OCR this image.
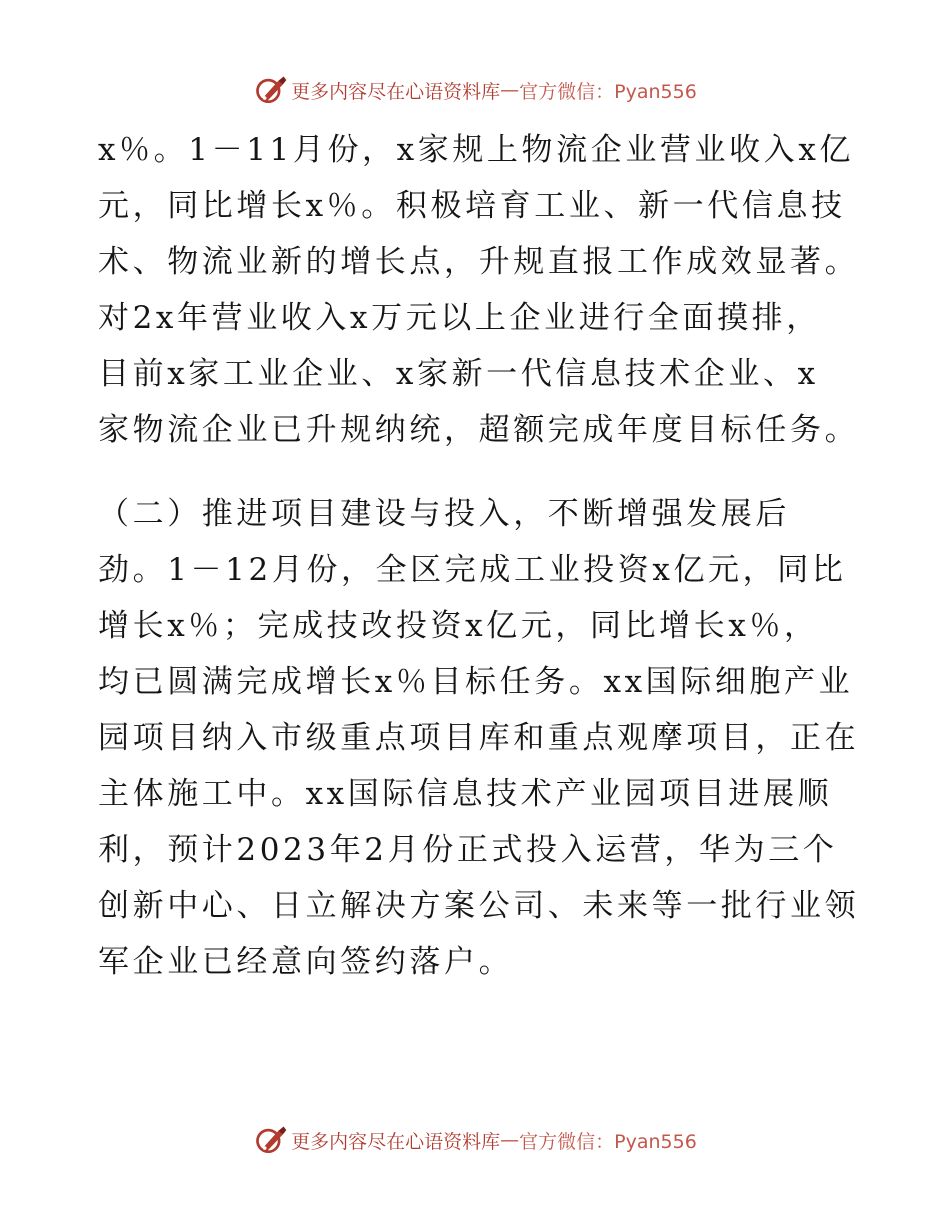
更多内容尽在心语资料库 — 官方微信：Pyan556
x％。1－11月份，x家规上物流企业营业收入x亿
元，同比增长x％。积极培育工业、新一代信息技
术、物流业新的增长点，升规直报工作成效显著。
对2x年营业收入x万元以上企业进行全面摸排，
目前x家工业企业、x家新一代信息技术企业、x
家物流企业已升规纳统，超额完成年度目标任务。
（二）推进项目建设与投入，不断增强发展后
劲。1－12月份，全区完成工业投资x亿元，同比
增长x％；完成技改投资x亿元，同比增长x％，
均已圆满完成增长x％目标任务。xx国际细胞产业
园项目纳入市级重点项目库和重点观摩项目，正在
主体施工中。xx国际信息技术产业园项目进展顺
利，预计2023年2月份正式投入运营，华为三个
创新中心、日立解决方案公司、未来等一批行业领
军企业已经意向签约落户。
更多内容尽在心语资料库 — 官方微信：Pyan556
